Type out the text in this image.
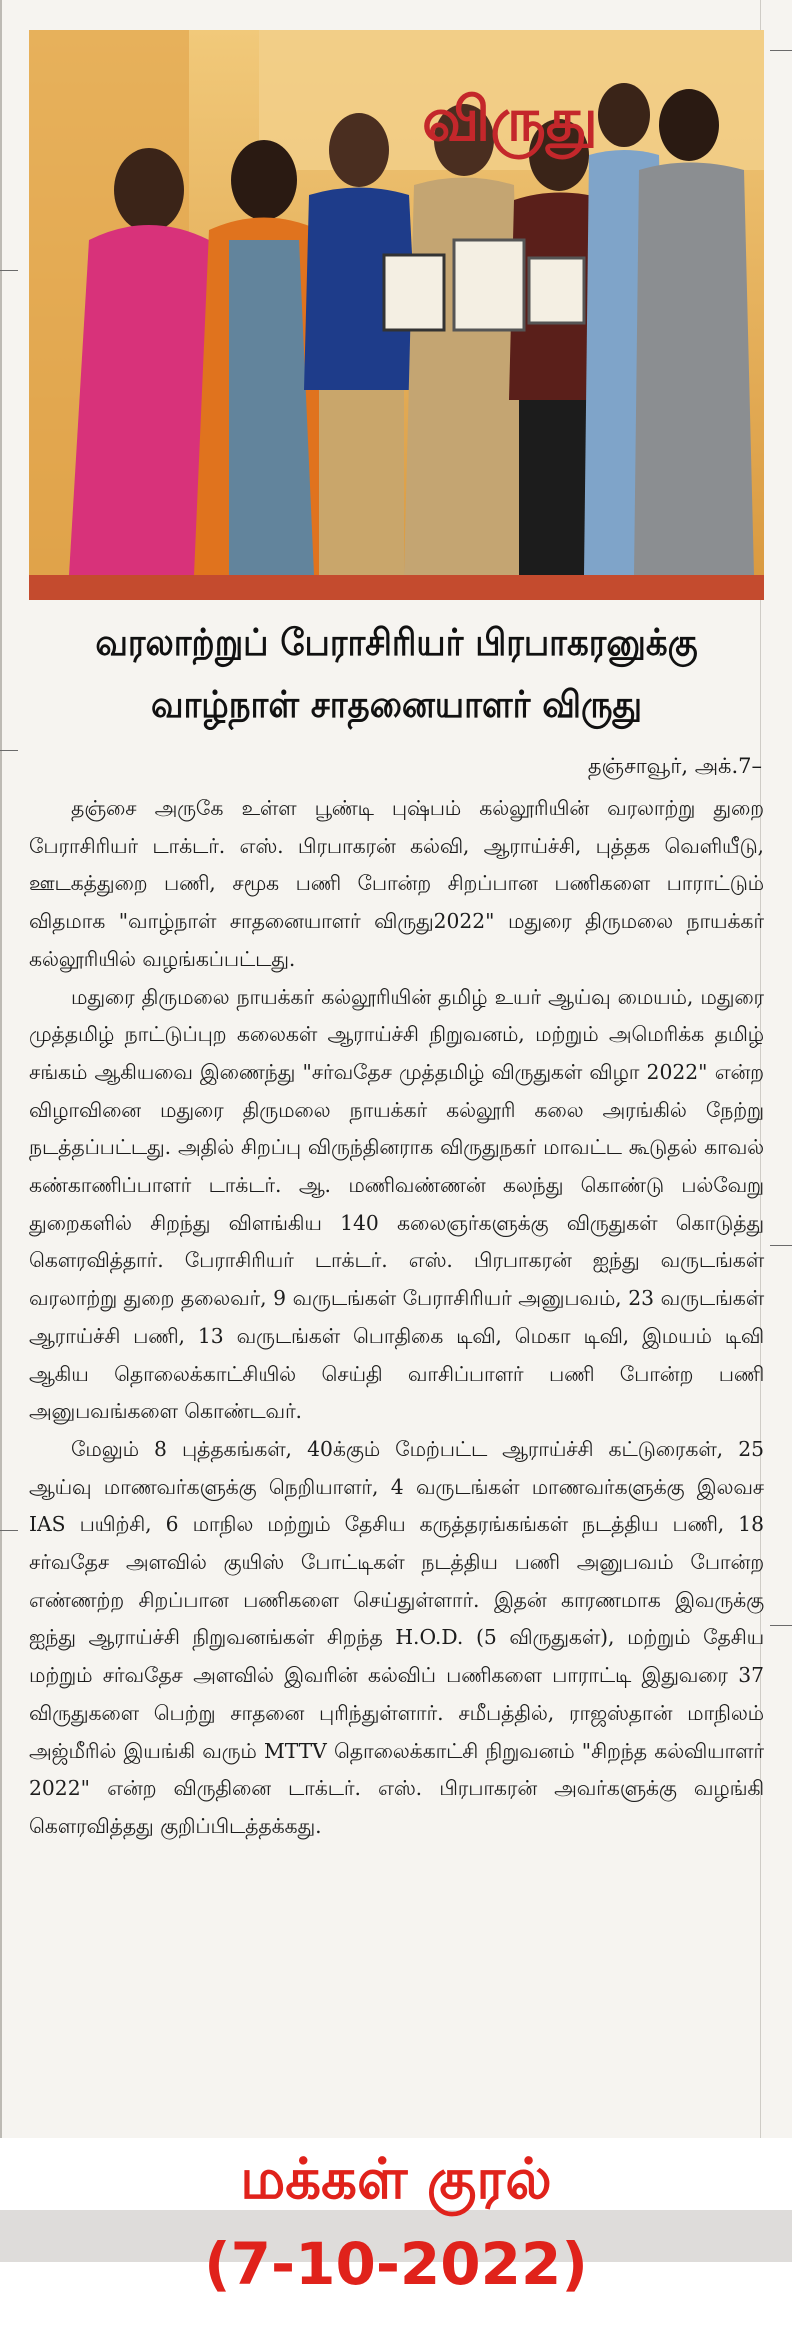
விருது
வரலாற்றுப் பேராசிரியர் பிரபாகரனுக்கு
வாழ்நாள் சாதனையாளர் விருது
தஞ்சாவூர், அக்.7–

தஞ்சை அருகே உள்ள பூண்டி புஷ்பம் கல்லூரியின் வரலாற்று துறை பேராசிரியர் டாக்டர். எஸ். பிரபாகரன் கல்வி, ஆராய்ச்சி, புத்தக வெளியீடு, ஊடகத்துறை பணி, சமூக பணி போன்ற சிறப்பான பணிகளை பாராட்டும் விதமாக "வாழ்நாள் சாதனையாளர் விருது2022" மதுரை திருமலை நாயக்கர் கல்லூரியில் வழங்கப்பட்டது.

மதுரை திருமலை நாயக்கர் கல்லூரியின் தமிழ் உயர் ஆய்வு மையம், மதுரை முத்தமிழ் நாட்டுப்புற கலைகள் ஆராய்ச்சி நிறுவனம், மற்றும் அமெரிக்க தமிழ் சங்கம் ஆகியவை இணைந்து "சர்வதேச முத்தமிழ் விருதுகள் விழா 2022" என்ற விழாவினை மதுரை திருமலை நாயக்கர் கல்லூரி கலை அரங்கில் நேற்று நடத்தப்பட்டது. அதில் சிறப்பு விருந்தினராக விருதுநகர் மாவட்ட கூடுதல் காவல் கண்காணிப்பாளர் டாக்டர். ஆ. மணிவண்ணன் கலந்து கொண்டு பல்வேறு துறைகளில் சிறந்து விளங்கிய 140 கலைஞர்களுக்கு விருதுகள் கொடுத்து கௌரவித்தார். பேராசிரியர் டாக்டர். எஸ். பிரபாகரன் ஐந்து வருடங்கள் வரலாற்று துறை தலைவர், 9 வருடங்கள் பேராசிரியர் அனுபவம், 23 வருடங்கள் ஆராய்ச்சி பணி, 13 வருடங்கள் பொதிகை டிவி, மெகா டிவி, இமயம் டிவி ஆகிய தொலைக்காட்சியில் செய்தி வாசிப்பாளர் பணி போன்ற பணி அனுபவங்களை கொண்டவர்.

மேலும் 8 புத்தகங்கள், 40க்கும் மேற்பட்ட ஆராய்ச்சி கட்டுரைகள், 25 ஆய்வு மாணவர்களுக்கு நெறியாளர், 4 வருடங்கள் மாணவர்களுக்கு இலவச IAS பயிற்சி, 6 மாநில மற்றும் தேசிய கருத்தரங்கங்கள் நடத்திய பணி, 18 சர்வதேச அளவில் குயிஸ் போட்டிகள் நடத்திய பணி அனுபவம் போன்ற எண்ணற்ற சிறப்பான பணிகளை செய்துள்ளார். இதன் காரணமாக இவருக்கு ஐந்து ஆராய்ச்சி நிறுவனங்கள் சிறந்த H.O.D. (5 விருதுகள்), மற்றும் தேசிய மற்றும் சர்வதேச அளவில் இவரின் கல்விப் பணிகளை பாராட்டி இதுவரை 37 விருதுகளை பெற்று சாதனை புரிந்துள்ளார். சமீபத்தில், ராஜஸ்தான் மாநிலம் அஜ்மீரில் இயங்கி வரும் MTTV தொலைக்காட்சி நிறுவனம் "சிறந்த கல்வியாளர் 2022" என்ற விருதினை டாக்டர். எஸ். பிரபாகரன் அவர்களுக்கு வழங்கி கௌரவித்தது குறிப்பிடத்தக்கது.

மக்கள் குரல்
(7-10-2022)
